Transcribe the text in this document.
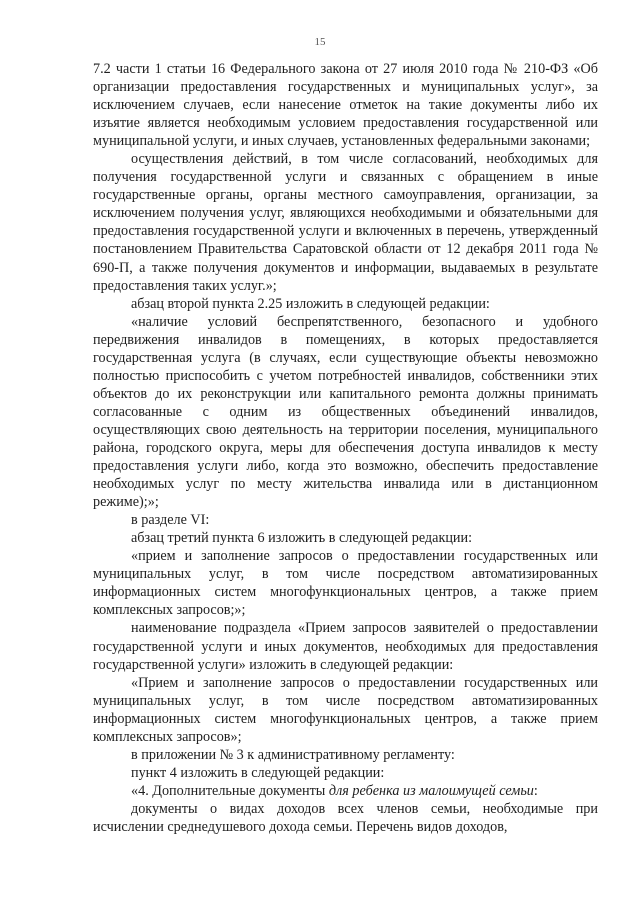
15

7.2 части 1 статьи 16 Федерального закона от 27 июля 2010 года № 210-ФЗ «Об организации предоставления государственных и муниципальных услуг», за исключением случаев, если нанесение отметок на такие документы либо их изъятие является необходимым условием предоставления государственной или муниципальной услуги, и иных случаев, установленных федеральными законами;

осуществления действий, в том числе согласований, необходимых для получения государственной услуги и связанных с обращением в иные государственные органы, органы местного самоуправления, организации, за исключением получения услуг, являющихся необходимыми и обязательными для предоставления государственной услуги и включенных в перечень, утвержденный постановлением Правительства Саратовской области от 12 декабря 2011 года № 690-П, а также получения документов и информации, выдаваемых в результате предоставления таких услуг.»;

абзац второй пункта 2.25 изложить в следующей редакции:

«наличие условий беспрепятственного, безопасного и удобного передвижения инвалидов в помещениях, в которых предоставляется государственная услуга (в случаях, если существующие объекты невозможно полностью приспособить с учетом потребностей инвалидов, собственники этих объектов до их реконструкции или капитального ремонта должны принимать согласованные с одним из общественных объединений инвалидов, осуществляющих свою деятельность на территории поселения, муниципального района, городского округа, меры для обеспечения доступа инвалидов к месту предоставления услуги либо, когда это возможно, обеспечить предоставление необходимых услуг по месту жительства инвалида или в дистанционном режиме);»;

в разделе VI:

абзац третий пункта 6 изложить в следующей редакции:

«прием и заполнение запросов о предоставлении государственных или муниципальных услуг, в том числе посредством автоматизированных информационных систем многофункциональных центров, а также прием комплексных запросов;»;

наименование подраздела «Прием запросов заявителей о предоставлении государственной услуги и иных документов, необходимых для предоставления государственной услуги» изложить в следующей редакции:

«Прием и заполнение запросов о предоставлении государственных или муниципальных услуг, в том числе посредством автоматизированных информационных систем многофункциональных центров, а также прием комплексных запросов»;

в приложении № 3 к административному регламенту:

пункт 4 изложить в следующей редакции:

«4. Дополнительные документы для ребенка из малоимущей семьи:

документы о видах доходов всех членов семьи, необходимые при исчислении среднедушевого дохода семьи. Перечень видов доходов,
